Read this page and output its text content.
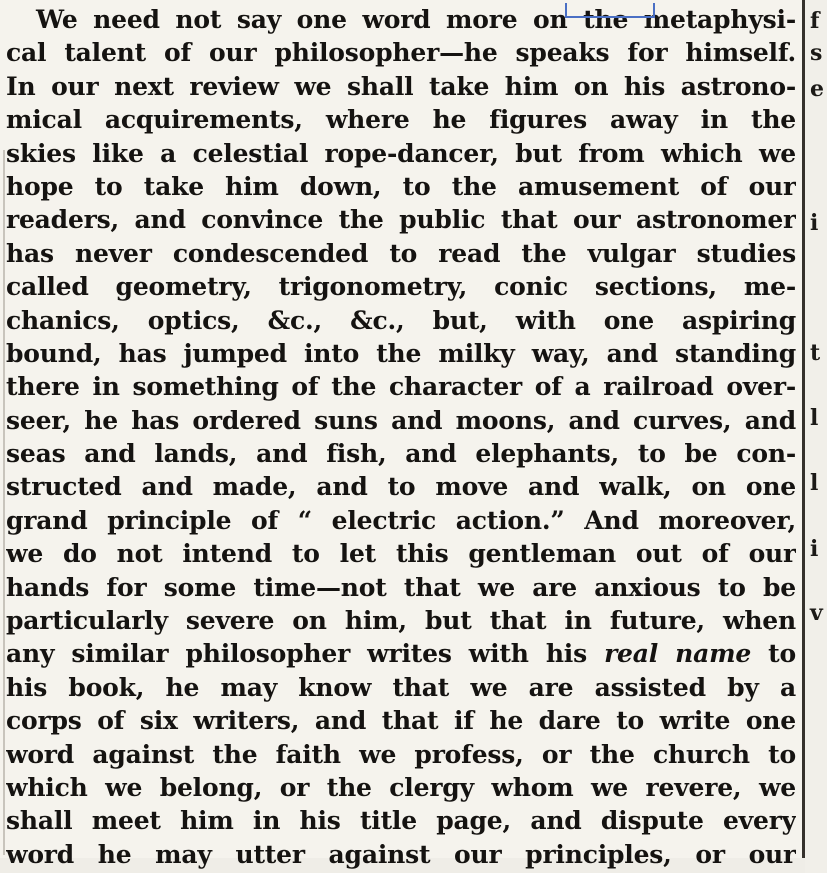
We need not say one word more on the metaphysi-
cal talent of our philosopher—he speaks for himself.
In our next review we shall take him on his astrono-
mical acquirements, where he figures away in the
skies like a celestial rope-dancer, but from which we
hope to take him down, to the amusement of our
readers, and convince the public that our astronomer
has never condescended to read the vulgar studies
called geometry, trigonometry, conic sections, me-
chanics, optics, &c., &c., but, with one aspiring
bound, has jumped into the milky way, and standing
there in something of the character of a railroad over-
seer, he has ordered suns and moons, and curves, and
seas and lands, and fish, and elephants, to be con-
structed and made, and to move and walk, on one
grand principle of “ electric action.” And moreover,
we do not intend to let this gentleman out of our
hands for some time—not that we are anxious to be
particularly severe on him, but that in future, when
any similar philosopher writes with his real name to
his book, he may know that we are assisted by a
corps of six writers, and that if he dare to write one
word against the faith we profess, or the church to
which we belong, or the clergy whom we revere, we
shall meet him in his title page, and dispute every
word he may utter against our principles, or our
f
s
e
i
t
l
l
i
v
